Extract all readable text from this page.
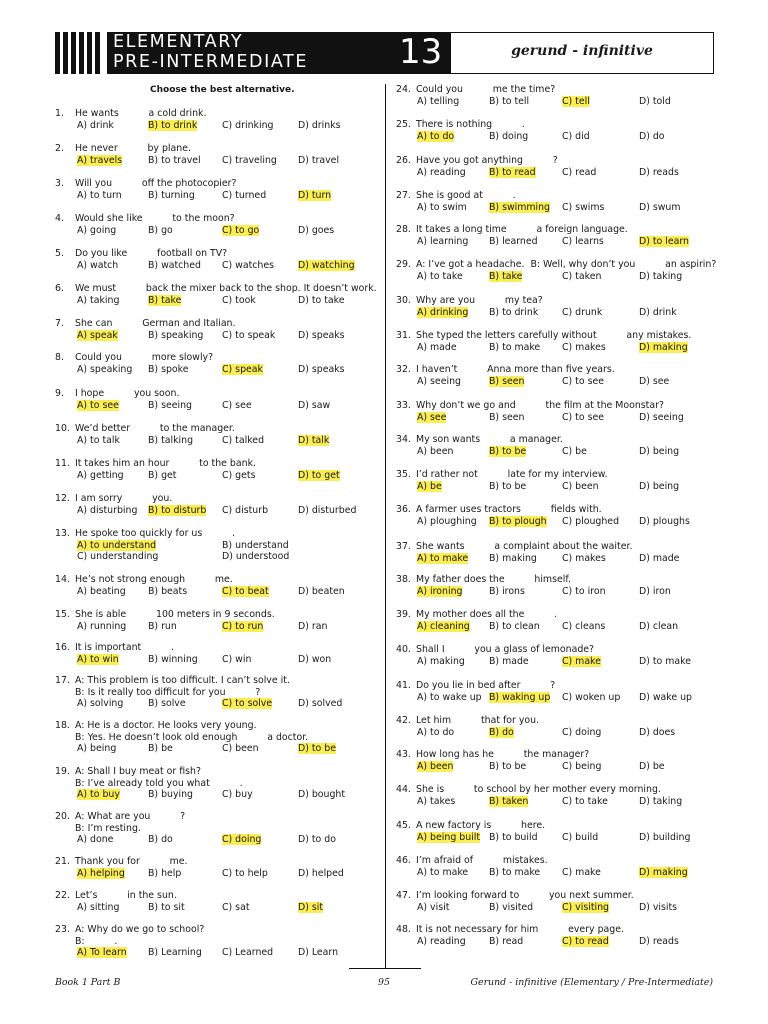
ELEMENTARY
PRE-INTERMEDIATE	13	gerund - infinitive
Choose the best alternative.
1. He wants          a cold drink.
A) drink	B) to drink	C) drinking	D) drinks
2. He never          by plane.
A) travels	B) to travel C) traveling D) travel
3. Will you          off the photocopier?
A) to turn	B) turning	C) turned	D) turn
4. Would she like          to the moon?
A) going	B) go	C) to go	D) goes
5. Do you like          football on TV?
A) watch	B) watched C) watches	D) watching
6. We must          back the mixer back to the shop. It doesn’t work.
A) taking	B) take	C) took	D) to take
7. She can          German and Italian.
A) speak	B) speaking C) to speak D) speaks
8. Could you          more slowly?
A) speaking B) spoke	C) speak	D) speaks
9. I hope          you soon.
A) to see	B) seeing	C) see	D) saw
10. We’d better          to the manager.
A) to talk	B) talking	C) talked	D) talk
11. It takes him an hour          to the bank.
A) getting	B) get	C) gets	D) to get
12. I am sorry          you.
A) disturbing B) to disturb C) disturb	D) disturbed
13. He spoke too quickly for us          .
A) to understand	B) understand
C) understanding	D) understood
14. He’s not strong enough          me.
A) beating B) beats	C) to beat	D) beaten
15. She is able          100 meters in 9 seconds.
A) running B) run	C) to run	D) ran
16. It is important          .
A) to win	B) winning	C) win	D) won
17. A: This problem is too difficult. I can’t solve it.
B: Is it really too difficult for you          ?
A) solving	B) solve	C) to solve	D) solved
18. A: He is a doctor. He looks very young.
B: Yes. He doesn’t look old enough          a doctor.
A) being	B) be	C) been	D) to be
19. A: Shall I buy meat or fish?
B: I’ve already told you what          .
A) to buy	B) buying	C) buy	D) bought
20. A: What are you          ?
B: I’m resting.
A) done	B) do	C) doing	D) to do
21. Thank you for          me.
A) helping B) help	C) to help	D) helped
22. Let’s          in the sun.
A) sitting	B) to sit	C) sat	D) sit
23. A: Why do we go to school?
B:          .
A) To learn B) Learning C) Learned	D) Learn
24. Could you          me the time?
A) telling	B) to tell	C) tell	D) told
25. There is nothing          .
A) to do	B) doing	C) did	D) do
26. Have you got anything          ?
A) reading B) to read	C) read	D) reads
27. She is good at          .
A) to swim B) swimming C) swims	D) swum
28. It takes a long time          a foreign language.
A) learning B) learned	C) learns	D) to learn
29. A: I’ve got a headache.  B: Well, why don’t you          an aspirin?
A) to take	B) take	C) taken	D) taking
30. Why are you          my tea?
A) drinking B) to drink	C) drunk	D) drink
31. She typed the letters carefully without          any mistakes.
A) made	B) to make C) makes	D) making
32. I haven’t          Anna more than five years.
A) seeing	B) seen	C) to see	D) see
33. Why don’t we go and          the film at the Moonstar?
A) see	B) seen	C) to see	D) seeing
34. My son wants          a manager.
A) been	B) to be	C) be	D) being
35. I’d rather not          late for my interview.
A) be	B) to be	C) been	D) being
36. A farmer uses tractors          fields with.
A) ploughing B) to plough C) ploughed D) ploughs
37. She wants          a complaint about the waiter.
A) to make B) making	C) makes	D) made
38. My father does the          himself.
A) ironing	B) irons	C) to iron	D) iron
39. My mother does all the          .
A) cleaning B) to clean C) cleans	D) clean
40. Shall I          you a glass of lemonade?
A) making	B) made	C) make	D) to make
41. Do you lie in bed after          ?
A) to wake up B) waking up C) woken up D) wake up
42. Let him          that for you.
A) to do	B) do	C) doing	D) does
43. How long has he          the manager?
A) been	B) to be	C) being	D) be
44. She is          to school by her mother every morning.
A) takes	B) taken	C) to take	D) taking
45. A new factory is          here.
A) being built B) to build	C) build	D) building
46. I’m afraid of          mistakes.
A) to make B) to make C) make	D) making
47. I’m looking forward to          you next summer.
A) visit	B) visited	C) visiting	D) visits
48. It is not necessary for him          every page.
A) reading B) read	C) to read	D) reads
Book 1 Part B	95	Gerund - infinitive (Elementary / Pre-Intermediate)
